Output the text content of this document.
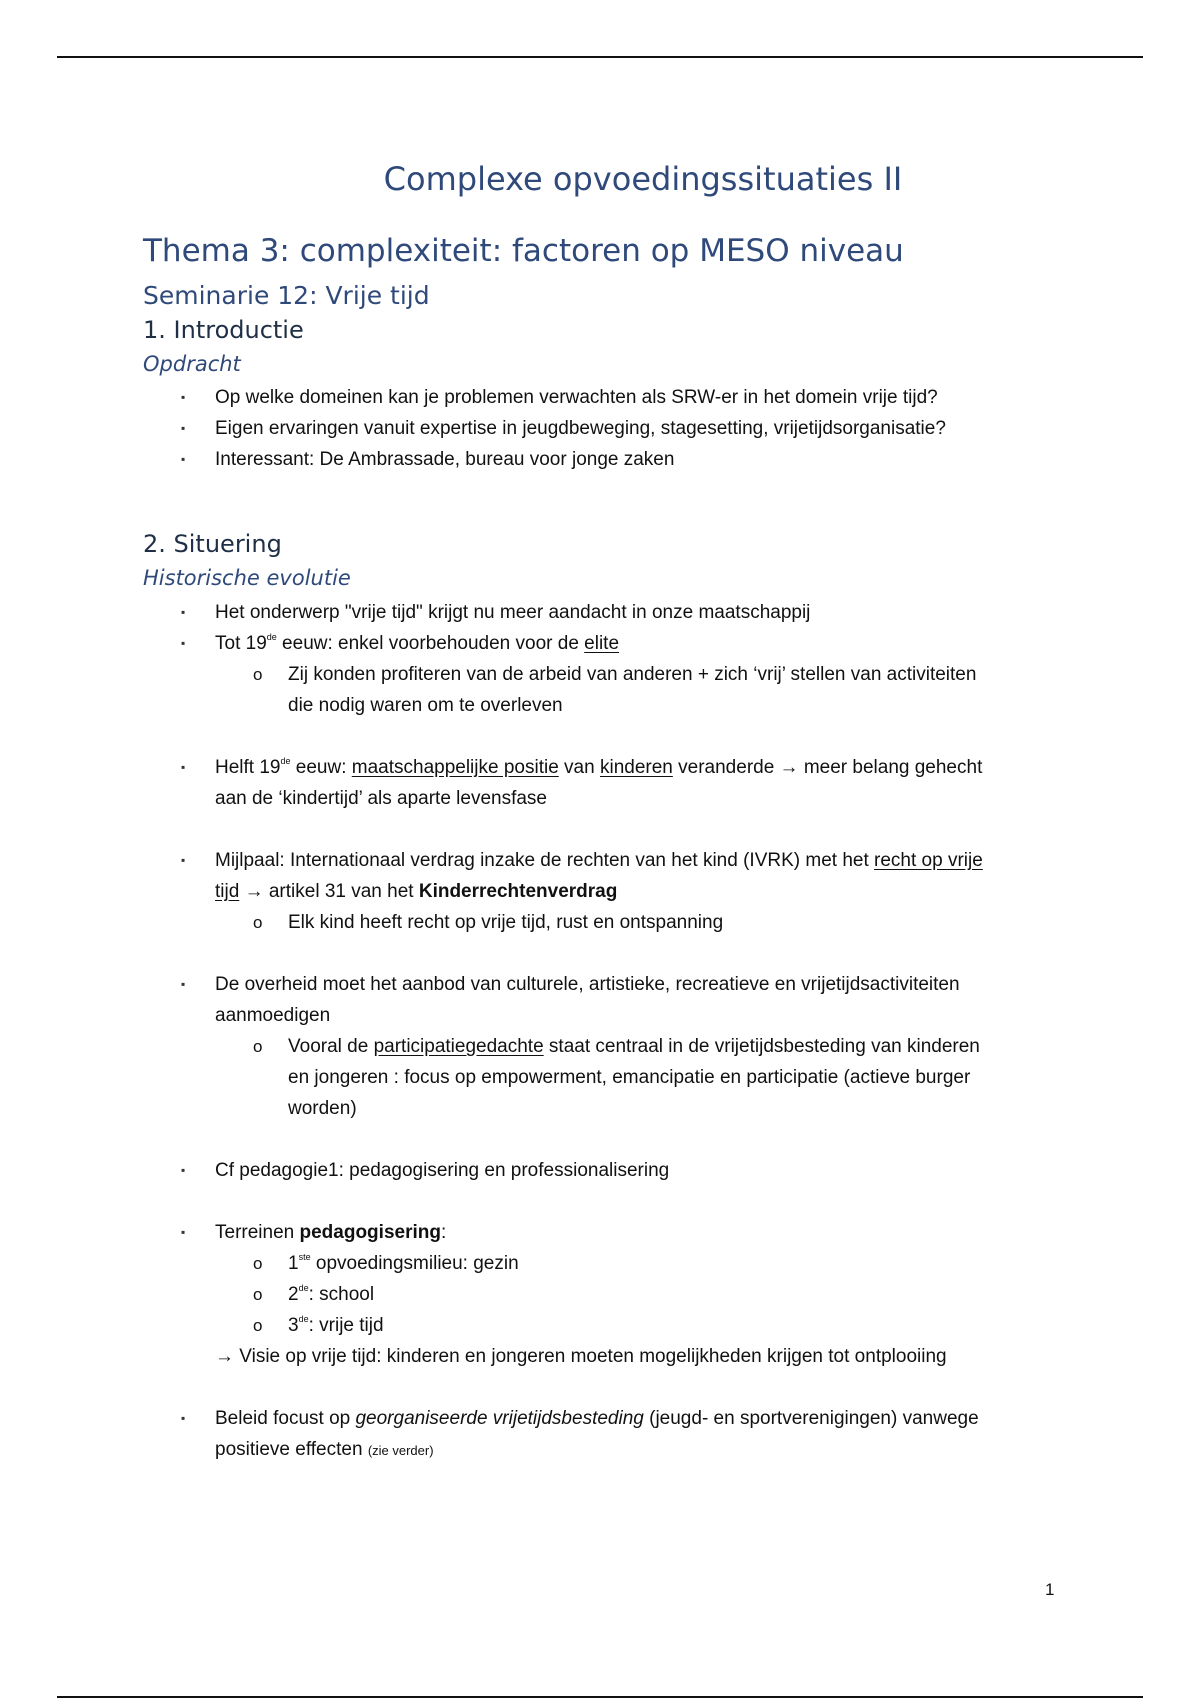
Complexe opvoedingssituaties II
Thema 3: complexiteit: factoren op MESO niveau
Seminarie 12: Vrije tijd
1. Introductie
Opdracht
▪ Op welke domeinen kan je problemen verwachten als SRW-er in het domein vrije tijd?
▪ Eigen ervaringen vanuit expertise in jeugdbeweging, stagesetting, vrijetijdsorganisatie?
▪ Interessant: De Ambrassade, bureau voor jonge zaken
2. Situering
Historische evolutie
▪ Het onderwerp "vrije tijd" krijgt nu meer aandacht in onze maatschappij
▪ Tot 19de eeuw: enkel voorbehouden voor de elite
o Zij konden profiteren van de arbeid van anderen + zich ‘vrij’ stellen van activiteiten
die nodig waren om te overleven
▪ Helft 19de eeuw: maatschappelijke positie van kinderen veranderde → meer belang gehecht
aan de ‘kindertijd’ als aparte levensfase
▪ Mijlpaal: Internationaal verdrag inzake de rechten van het kind (IVRK) met het recht op vrije
tijd → artikel 31 van het Kinderrechtenverdrag
o Elk kind heeft recht op vrije tijd, rust en ontspanning
▪ De overheid moet het aanbod van culturele, artistieke, recreatieve en vrijetijdsactiviteiten
aanmoedigen
o Vooral de participatiegedachte staat centraal in de vrijetijdsbesteding van kinderen
en jongeren : focus op empowerment, emancipatie en participatie (actieve burger
worden)
▪ Cf pedagogie1: pedagogisering en professionalisering
▪ Terreinen pedagogisering:
o 1ste opvoedingsmilieu: gezin
o 2de: school
o 3de: vrije tijd
→ Visie op vrije tijd: kinderen en jongeren moeten mogelijkheden krijgen tot ontplooiing
▪ Beleid focust op georganiseerde vrijetijdsbesteding (jeugd- en sportverenigingen) vanwege
positieve effecten (zie verder)
1
